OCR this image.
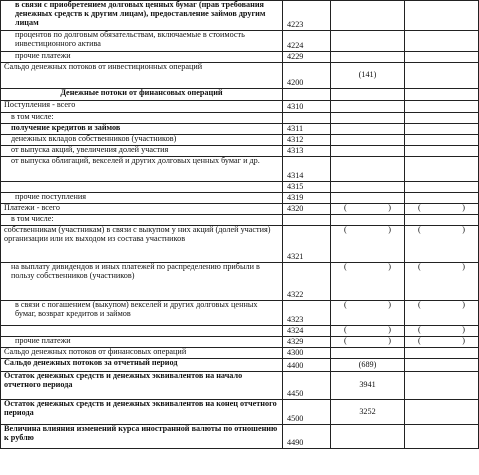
в связи с приобретением долговых ценных бумаг (прав требования денежных средств к другим лицам), предоставление займов другим лицам	4223		
процентов по долговым обязательствам, включаемые в стоимость инвестиционного актива	4224		
прочие платежи	4229		
Сальдо денежных потоков от инвестиционных операций	4200	(141)	
Денежные потоки от финансовых операций			
Поступления - всего	4310		
в том числе:			
получение кредитов и займов	4311		
денежных вкладов собственников (участников)	4312		
от выпуска акций, увеличения долей участия	4313		
от выпуска облигаций, векселей и других долговых ценных бумаг и др.	4314		
	4315		
прочие поступления	4319		
Платежи - всего	4320	( )	( )

в том числе:			
собственникам (участникам) в связи с выкупом у них акций (долей участия) организации или их выходом из состава участников	4321	( )	( )

на выплату дивидендов и иных платежей по распределению прибыли в пользу собственников (участников)	4322	( )	( )

в связи с погашением (выкупом) векселей и других долговых ценных бумаг, возврат кредитов и займов	4323	( )	( )

	4324	( )	( )

прочие платежи	4329	( )	( )

Сальдо денежных потоков от финансовых операций	4300		
Сальдо денежных потоков за отчетный период	4400	(689)	
Остаток денежных средств и денежных эквивалентов на начало отчетного периода	4450	3941	
Остаток денежных средств и денежных эквивалентов на конец отчетного периода	4500	3252	
Величина влияния изменений курса иностранной валюты по отношению к рублю	4490		
